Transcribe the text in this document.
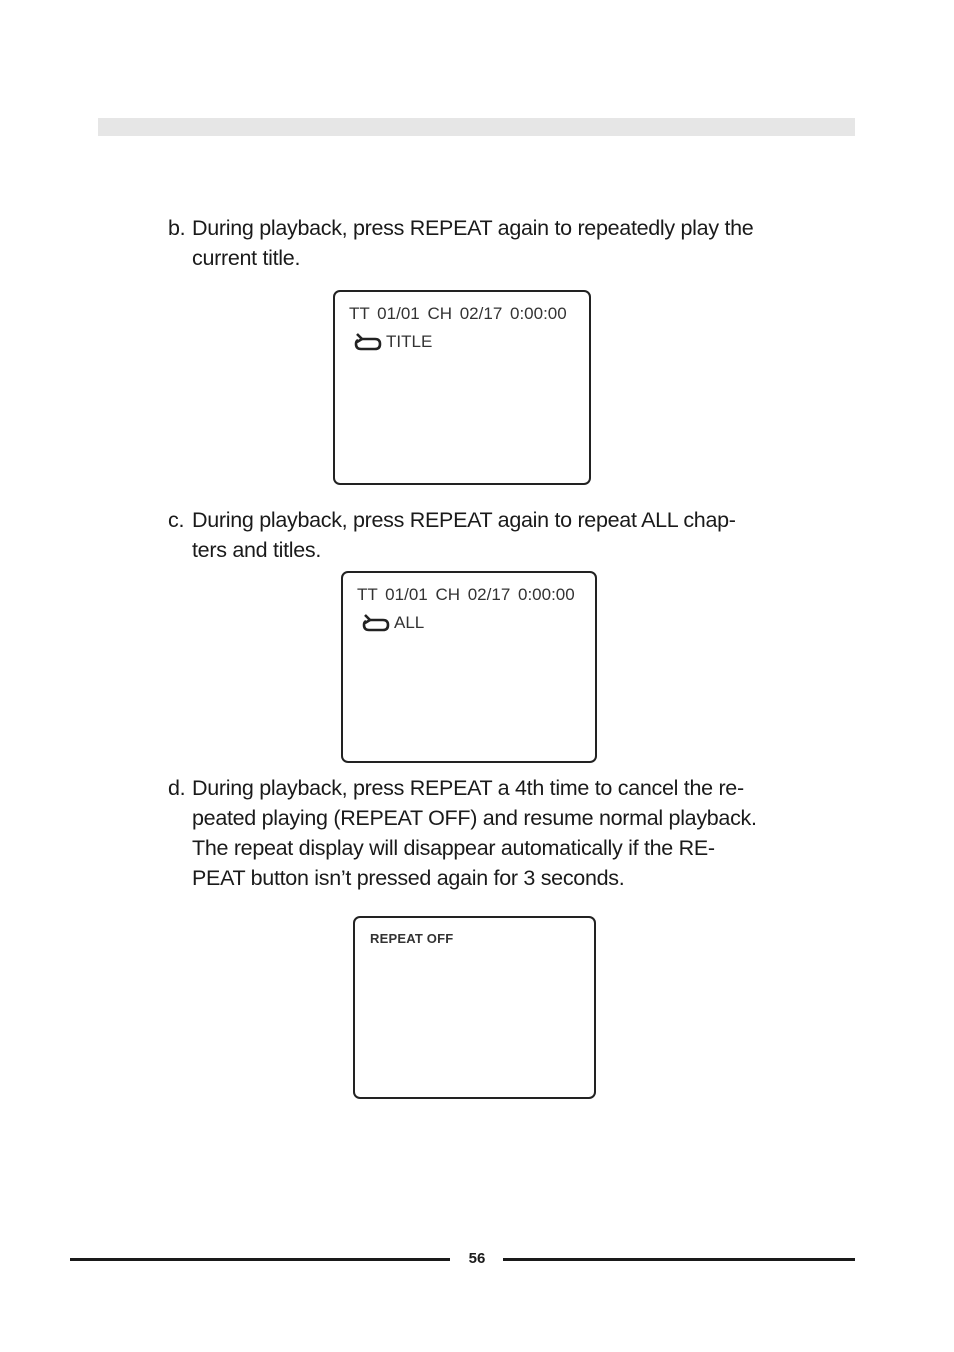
b. During playback, press REPEAT again to repeatedly play the
current title.
TT 01/01 CH 02/17 0:00:00
TITLE
c. During playback, press REPEAT again to repeat ALL chap-
ters and titles.
TT 01/01 CH 02/17 0:00:00
ALL
d. During playback, press REPEAT a 4th time to cancel the re-
peated playing (REPEAT OFF) and resume normal playback.
The repeat display will disappear automatically if the RE-
PEAT button isn’t pressed again for 3 seconds.
REPEAT OFF
56
